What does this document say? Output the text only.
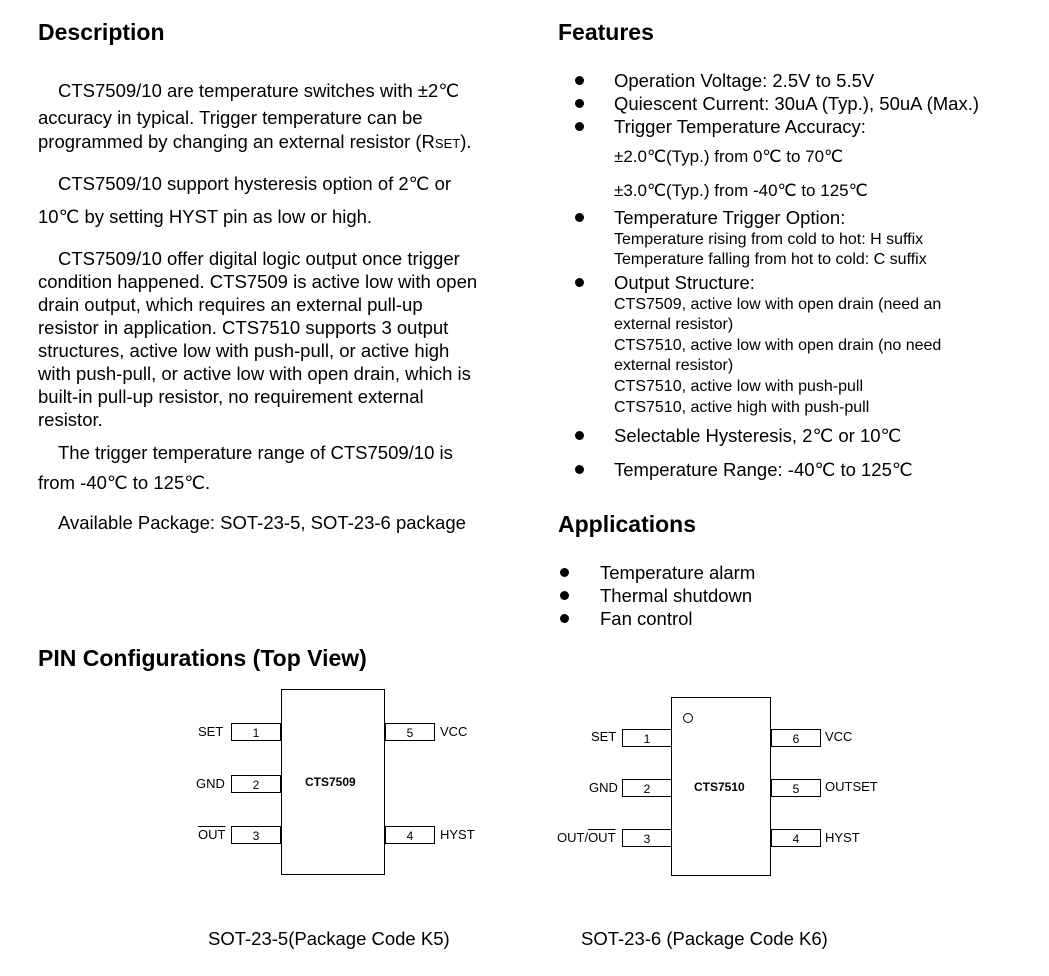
Description

CTS7509/10 are temperature switches with ±2℃

accuracy in typical. Trigger temperature can be

programmed by changing an external resistor (RSET).

CTS7509/10 support hysteresis option of 2℃ or

10℃ by setting HYST pin as low or high.

CTS7509/10 offer digital logic output once trigger

condition happened. CTS7509 is active low with open

drain output, which requires an external pull-up

resistor in application. CTS7510 supports 3 output

structures, active low with push-pull, or active high

with push-pull, or active low with open drain, which is

built-in pull-up resistor, no requirement external

resistor.

The trigger temperature range of CTS7509/10 is

from -40℃ to 125℃.

Available Package: SOT-23-5, SOT-23-6 package

Features
Operation Voltage: 2.5V to 5.5V
Quiescent Current: 30uA (Typ.), 50uA (Max.)
Trigger Temperature Accuracy:
±2.0℃(Typ.) from 0℃ to 70℃
±3.0℃(Typ.) from -40℃ to 125℃
Temperature Trigger Option:
Temperature rising from cold to hot: H suffix
Temperature falling from hot to cold: C suffix
Output Structure:
CTS7509, active low with open drain (need an
external resistor)
CTS7510, active low with open drain (no need
external resistor)
CTS7510, active low with push-pull
CTS7510, active high with push-pull
Selectable Hysteresis, 2℃ or 10℃
Temperature Range: -40℃ to 125℃
Applications
Temperature alarm
Thermal shutdown
Fan control
PIN Configurations (Top View)
CTS7509
SET	1
GND	2
$\overline{OUT}$	3
5	VCC
4	HYST
SOT-23-5(Package Code K5)
CTS7510
SET	1
GND	2
OUT/$\overline{OUT}$	3
6	VCC
5	OUTSET
4	HYST
SOT-23-6 (Package Code K6)
